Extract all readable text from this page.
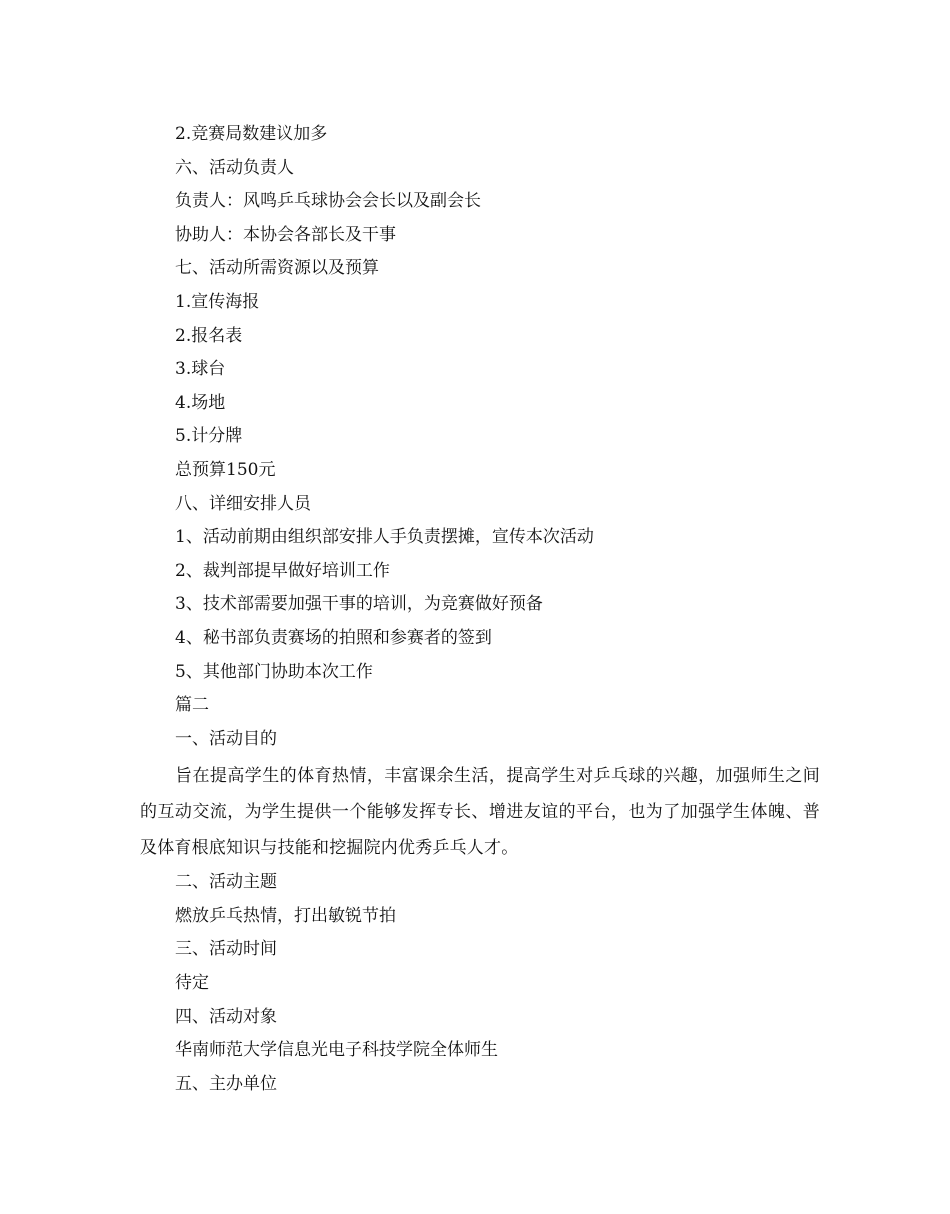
2.竞赛局数建议加多
六、活动负责人
负责人：风鸣乒乓球协会会长以及副会长
协助人：本协会各部长及干事
七、活动所需资源以及预算
1.宣传海报
2.报名表
3.球台
4.场地
5.计分牌
总预算150元
八、详细安排人员
1、活动前期由组织部安排人手负责摆摊，宣传本次活动
2、裁判部提早做好培训工作
3、技术部需要加强干事的培训，为竞赛做好预备
4、秘书部负责赛场的拍照和参赛者的签到
5、其他部门协助本次工作
篇二
一、活动目的

旨在提高学生的体育热情，丰富课余生活，提高学生对乒乓球的兴趣，加强师生之间的互动交流，为学生提供一个能够发挥专长、增进友谊的平台，也为了加强学生体魄、普及体育根底知识与技能和挖掘院内优秀乒乓人才。

二、活动主题
燃放乒乓热情，打出敏锐节拍
三、活动时间
待定
四、活动对象
华南师范大学信息光电子科技学院全体师生
五、主办单位
